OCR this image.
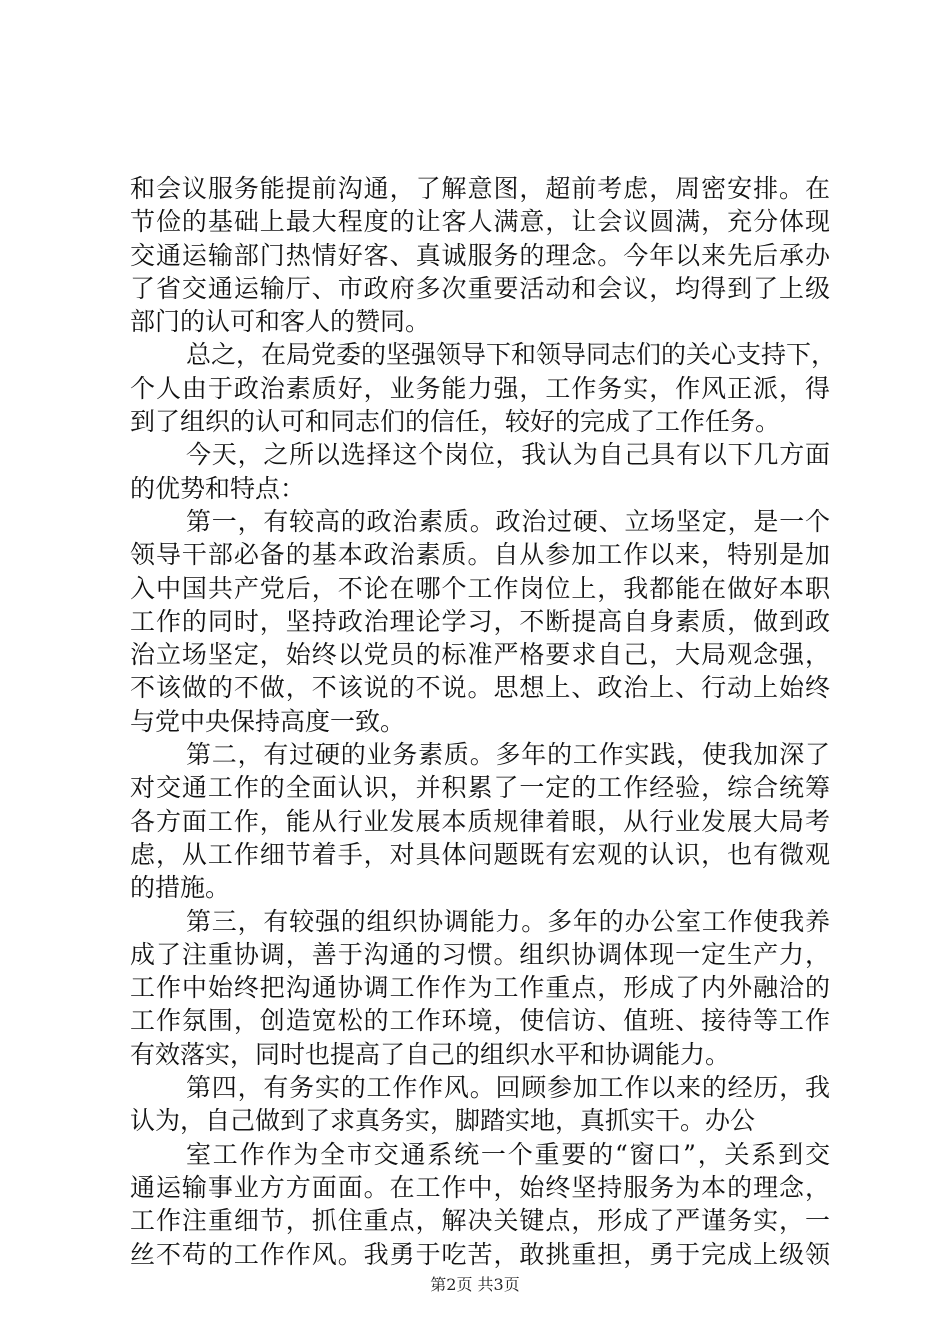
和会议服务能提前沟通，了解意图，超前考虑，周密安排。在
节俭的基础上最大程度的让客人满意，让会议圆满，充分体现
交通运输部门热情好客、真诚服务的理念。今年以来先后承办
了省交通运输厅、市政府多次重要活动和会议，均得到了上级
部门的认可和客人的赞同。
总之，在局党委的坚强领导下和领导同志们的关心支持下，
个人由于政治素质好，业务能力强，工作务实，作风正派，得
到了组织的认可和同志们的信任，较好的完成了工作任务。
今天，之所以选择这个岗位，我认为自己具有以下几方面
的优势和特点：
第一，有较高的政治素质。政治过硬、立场坚定，是一个
领导干部必备的基本政治素质。自从参加工作以来，特别是加
入中国共产党后，不论在哪个工作岗位上，我都能在做好本职
工作的同时，坚持政治理论学习，不断提高自身素质，做到政
治立场坚定，始终以党员的标准严格要求自己，大局观念强，
不该做的不做，不该说的不说。思想上、政治上、行动上始终
与党中央保持高度一致。
第二，有过硬的业务素质。多年的工作实践，使我加深了
对交通工作的全面认识，并积累了一定的工作经验，综合统筹
各方面工作，能从行业发展本质规律着眼，从行业发展大局考
虑，从工作细节着手，对具体问题既有宏观的认识，也有微观
的措施。
第三，有较强的组织协调能力。多年的办公室工作使我养
成了注重协调，善于沟通的习惯。组织协调体现一定生产力，
工作中始终把沟通协调工作作为工作重点，形成了内外融洽的
工作氛围，创造宽松的工作环境，使信访、值班、接待等工作
有效落实，同时也提高了自己的组织水平和协调能力。
第四，有务实的工作作风。回顾参加工作以来的经历，我
认为，自己做到了求真务实，脚踏实地，真抓实干。办公
室工作作为全市交通系统一个重要的“窗口”，关系到交
通运输事业方方面面。在工作中，始终坚持服务为本的理念，
工作注重细节，抓住重点，解决关键点，形成了严谨务实，一
丝不苟的工作作风。我勇于吃苦，敢挑重担，勇于完成上级领
第2页 共3页
